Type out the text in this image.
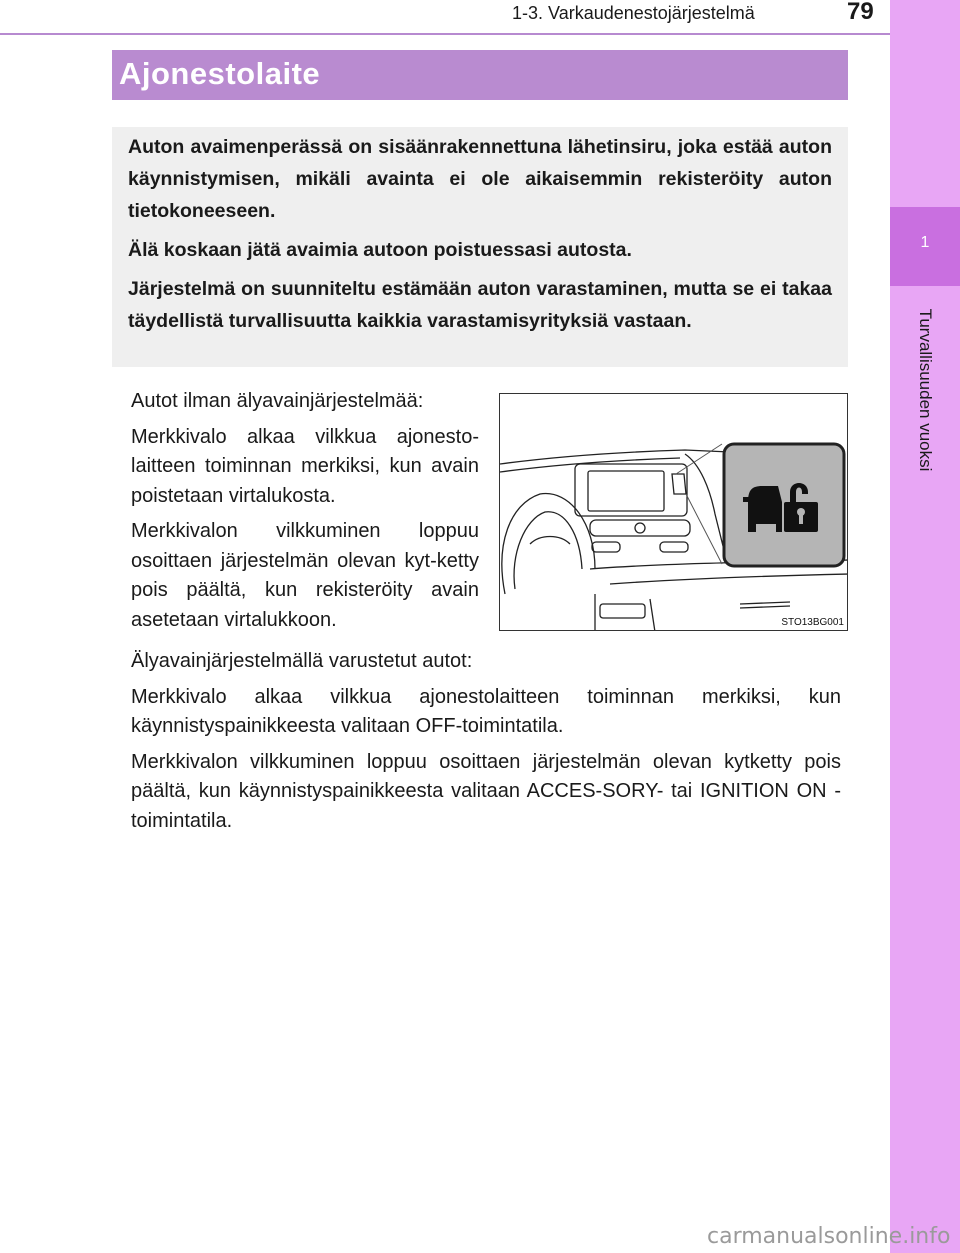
1-3. Varkaudenestojärjestelmä	79
1
Turvallisuuden vuoksi
Ajonestolaite

Auton avaimenperässä on sisäänrakennettuna lähetinsiru, joka estää auton käynnistymisen, mikäli avainta ei ole aikaisemmin rekisteröity auton tietokoneeseen.

Älä koskaan jätä avaimia autoon poistuessasi autosta.

Järjestelmä on suunniteltu estämään auton varastaminen, mutta se ei takaa täydellistä turvallisuutta kaikkia varastamisyrityksiä vastaan.

Autot ilman älyavainjärjestelmää:

Merkkivalo alkaa vilkkua ajonesto-laitteen toiminnan merkiksi, kun avain poistetaan virtalukosta.

Merkkivalon vilkkuminen loppuu osoittaen järjestelmän olevan kyt-ketty pois päältä, kun rekisteröity avain asetetaan virtalukkoon.	STO13BG001

Älyavainjärjestelmällä varustetut autot:

Merkkivalo alkaa vilkkua ajonestolaitteen toiminnan merkiksi, kun käynnistyspainikkeesta valitaan OFF-toimintatila.

Merkkivalon vilkkuminen loppuu osoittaen järjestelmän olevan kytketty pois päältä, kun käynnistyspainikkeesta valitaan ACCES-SORY- tai IGNITION ON -toimintatila.

carmanualsonline.info
